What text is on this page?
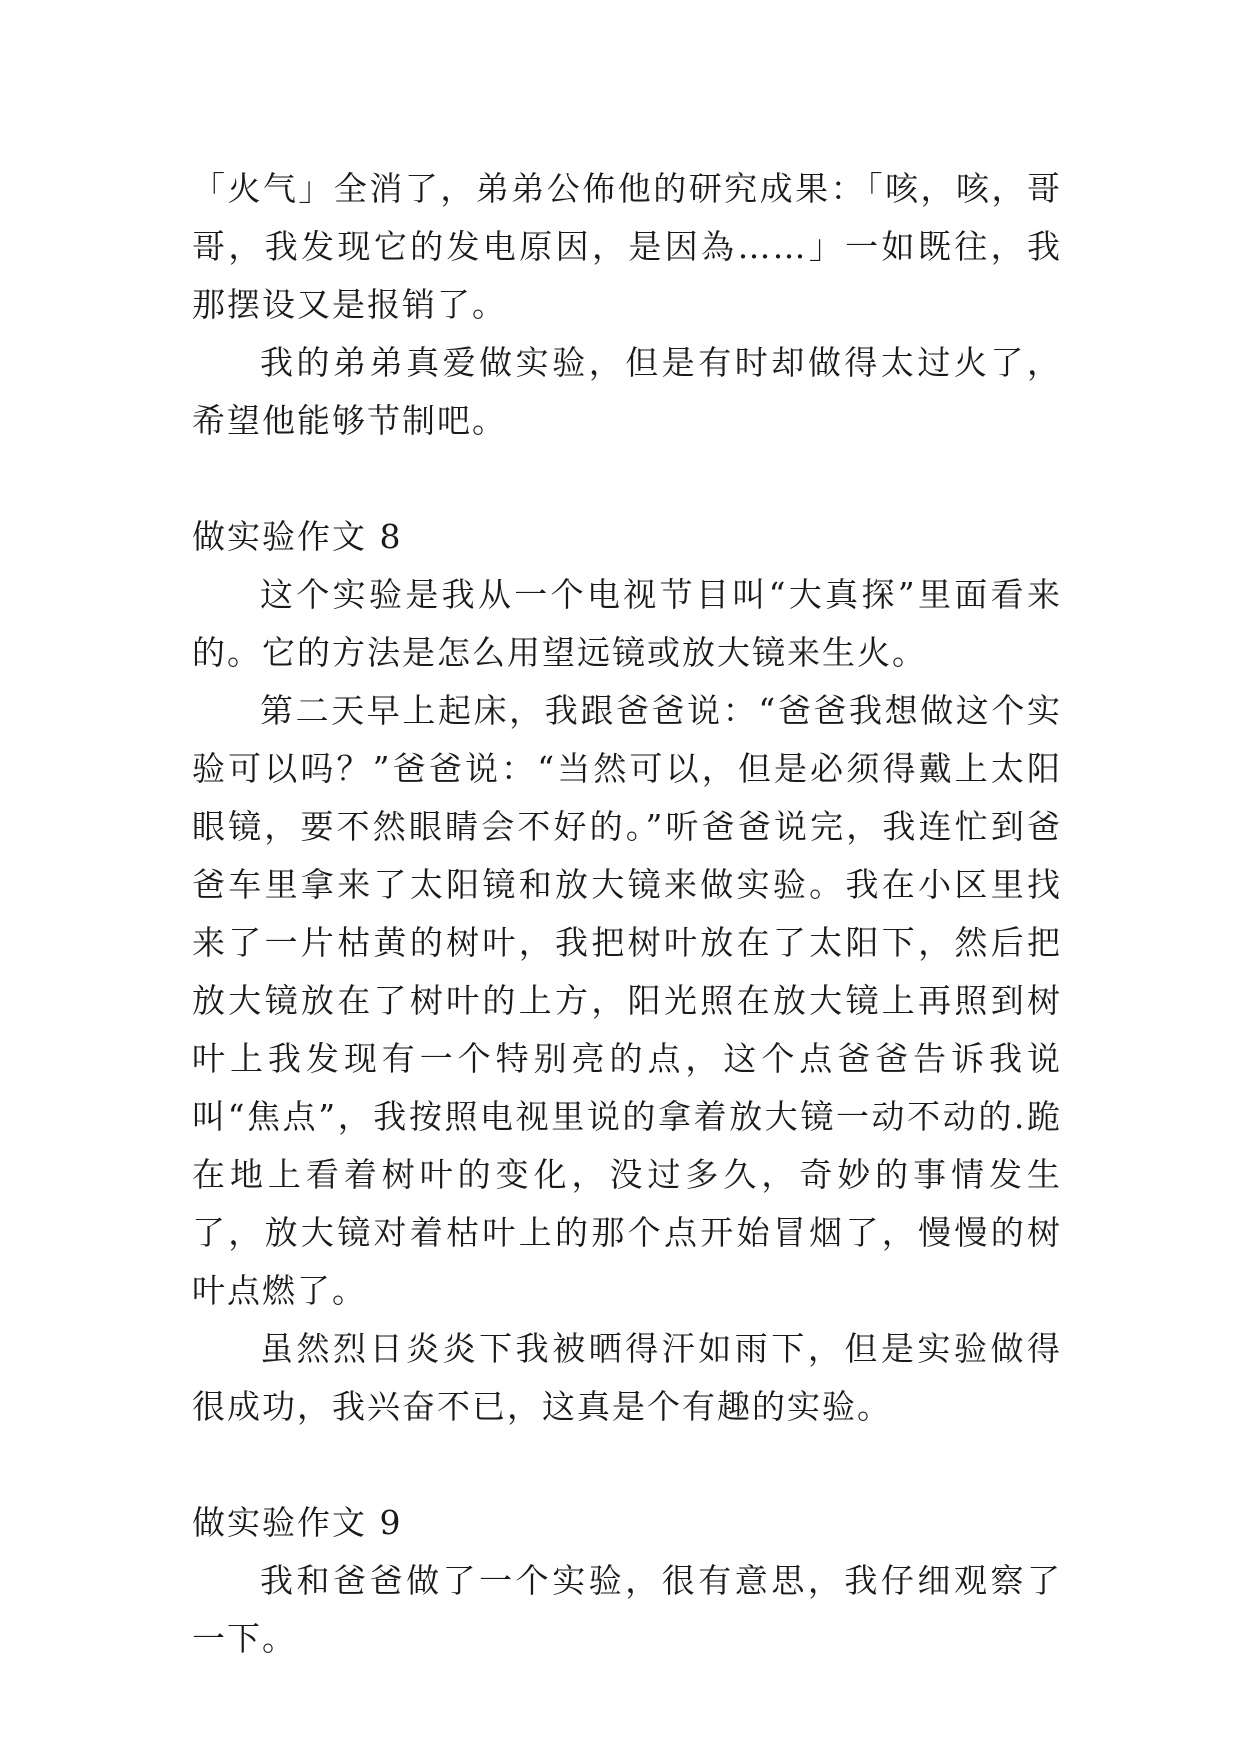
「火气」全消了，弟弟公佈他的研究成果：「咳，咳，哥哥，我发现它的发电原因，是因為……」一如既往，我那摆设又是报销了。

我的弟弟真爱做实验，但是有时却做得太过火了，希望他能够节制吧。

做实验作文 8

这个实验是我从一个电视节目叫“大真探”里面看来的。它的方法是怎么用望远镜或放大镜来生火。

第二天早上起床，我跟爸爸说：“爸爸我想做这个实验可以吗？”爸爸说：“当然可以，但是必须得戴上太阳眼镜，要不然眼睛会不好的。”听爸爸说完，我连忙到爸爸车里拿来了太阳镜和放大镜来做实验。我在小区里找来了一片枯黄的树叶，我把树叶放在了太阳下，然后把放大镜放在了树叶的上方，阳光照在放大镜上再照到树叶上我发现有一个特别亮的点，这个点爸爸告诉我说叫“焦点”，我按照电视里说的拿着放大镜一动不动的.跪在地上看着树叶的变化，没过多久，奇妙的事情发生了，放大镜对着枯叶上的那个点开始冒烟了，慢慢的树叶点燃了。

虽然烈日炎炎下我被晒得汗如雨下，但是实验做得很成功，我兴奋不已，这真是个有趣的实验。

做实验作文 9

我和爸爸做了一个实验，很有意思，我仔细观察了一下。
